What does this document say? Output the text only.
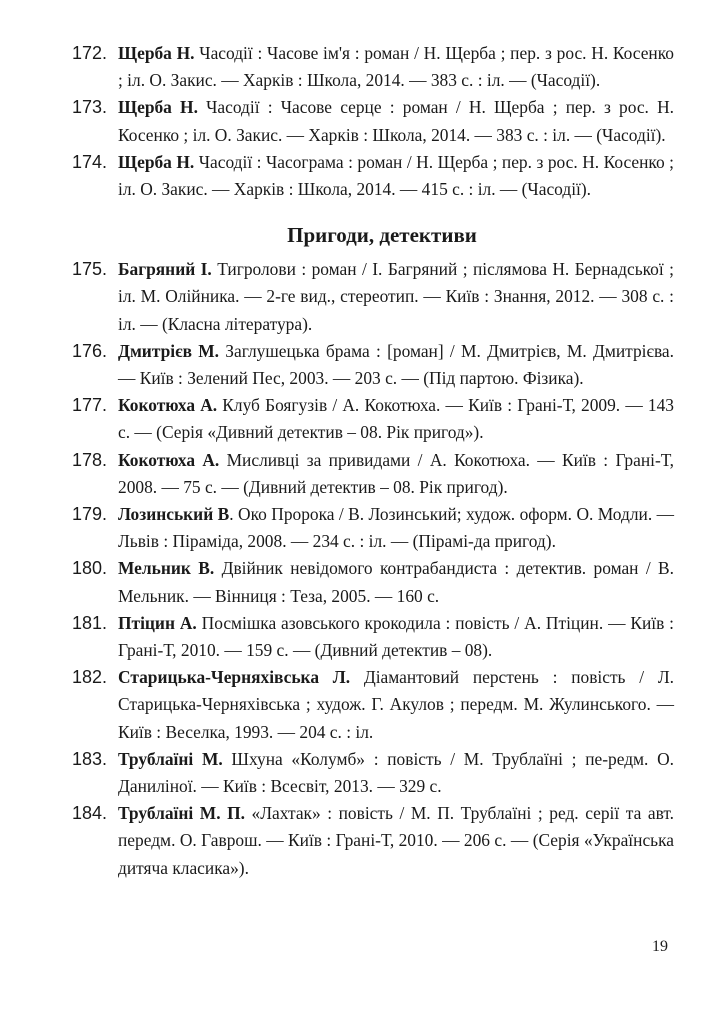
172. Щерба Н. Часодії : Часове ім'я : роман / Н. Щерба ; пер. з рос. Н. Косенко ; іл. О. Закис. — Харків : Школа, 2014. — 383 с. : іл. — (Часодії).
173. Щерба Н. Часодії : Часове серце : роман / Н. Щерба ; пер. з рос. Н. Косенко ; іл. О. Закис. — Харків : Школа, 2014. — 383 с. : іл. — (Часодії).
174. Щерба Н. Часодії : Часограма : роман / Н. Щерба ; пер. з рос. Н. Косенко ; іл. О. Закис. — Харків : Школа, 2014. — 415 с. : іл. — (Часодії).
Пригоди, детективи
175. Багряний І. Тигролови : роман / І. Багряний ; післямова Н. Бернадської ; іл. М. Олійника. — 2-ге вид., стереотип. — Київ : Знання, 2012. — 308 с. : іл. — (Класна література).
176. Дмитрієв М. Заглушецька брама : [роман] / М. Дмитрієв, М. Дмитрієва. — Київ : Зелений Пес, 2003. — 203 с. — (Під партою. Фізика).
177. Кокотюха А. Клуб Боягузів / А. Кокотюха. — Київ : Грані-Т, 2009. — 143 с. — (Серія «Дивний детектив – 08. Рік пригод»).
178. Кокотюха А. Мисливці за привидами / А. Кокотюха. — Київ : Грані-Т, 2008. — 75 с. — (Дивний детектив – 08. Рік пригод).
179. Лозинський В. Око Пророка / В. Лозинський; худож. оформ. О. Модли. — Львів : Піраміда, 2008. — 234 с. : іл. — (Пірамі-да пригод).
180. Мельник В. Двійник невідомого контрабандиста : детектив. роман / В. Мельник. — Вінниця : Теза, 2005. — 160 с.
181. Птіцин А. Посмішка азовського крокодила : повість / А. Птіцин. — Київ : Грані-Т, 2010. — 159 с. — (Дивний детектив – 08).
182. Старицька-Черняхівська Л. Діамантовий перстень : повість / Л. Старицька-Черняхівська ; худож. Г. Акулов ; передм. М. Жулинського. — Київ : Веселка, 1993. — 204 с. : іл.
183. Трублаїні М. Шхуна «Колумб» : повість / М. Трублаїні ; пе-редм. О. Даниліної. — Київ : Всесвіт, 2013. — 329 с.
184. Трублаїні М. П. «Лахтак» : повість / М. П. Трублаїні ; ред. серії та авт. передм. О. Гаврош. — Київ : Грані-Т, 2010. — 206 с. — (Серія «Українська дитяча класика»).
19
